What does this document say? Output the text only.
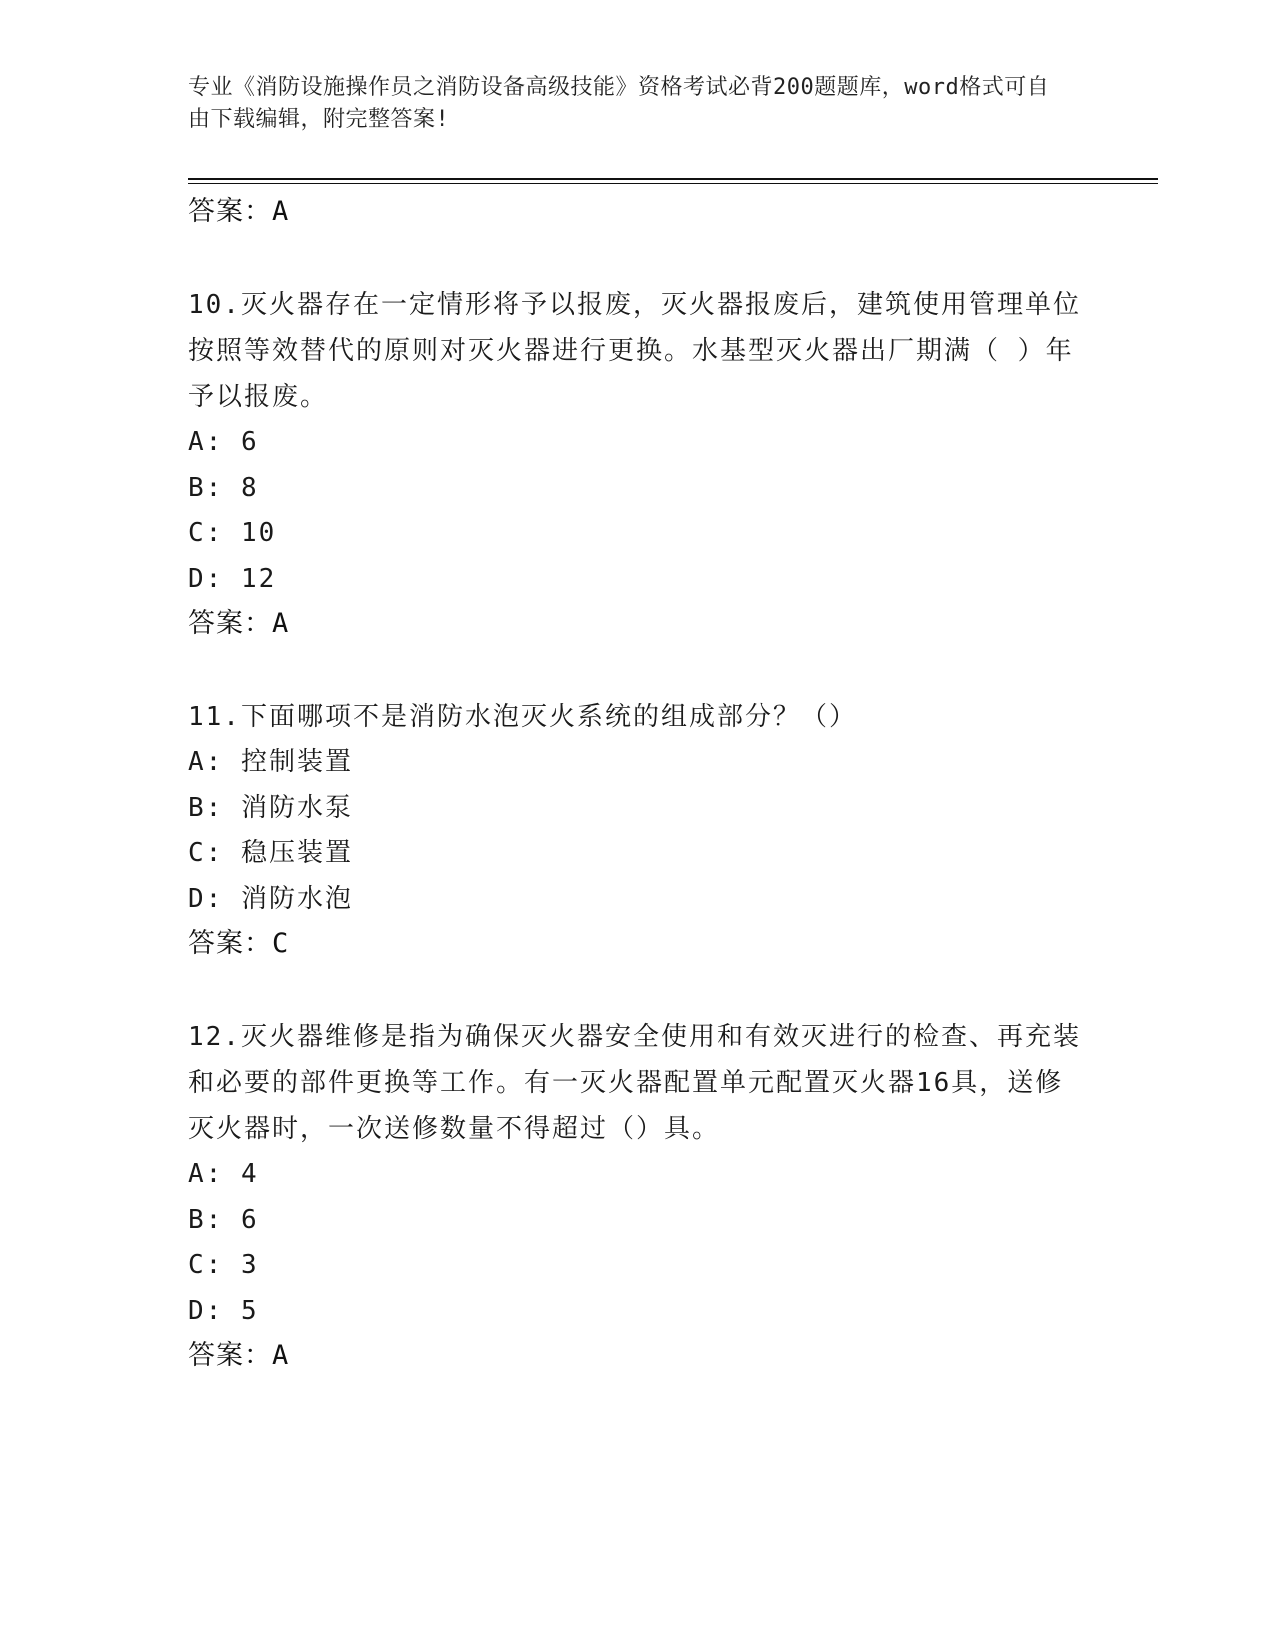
专业《消防设施操作员之消防设备高级技能》资格考试必背200题题库，word格式可自由下载编辑，附完整答案!
答案：A
10.灭火器存在一定情形将予以报废，灭火器报废后，建筑使用管理单位按照等效替代的原则对灭火器进行更换。水基型灭火器出厂期满（ ）年予以报废。
A: 6
B: 8
C: 10
D: 12
答案：A
11.下面哪项不是消防水泡灭火系统的组成部分？（）
A: 控制装置
B: 消防水泵
C: 稳压装置
D: 消防水泡
答案：C
12.灭火器维修是指为确保灭火器安全使用和有效灭进行的检查、再充装和必要的部件更换等工作。有一灭火器配置单元配置灭火器16具，送修灭火器时，一次送修数量不得超过（）具。
A: 4
B: 6
C: 3
D: 5
答案：A
